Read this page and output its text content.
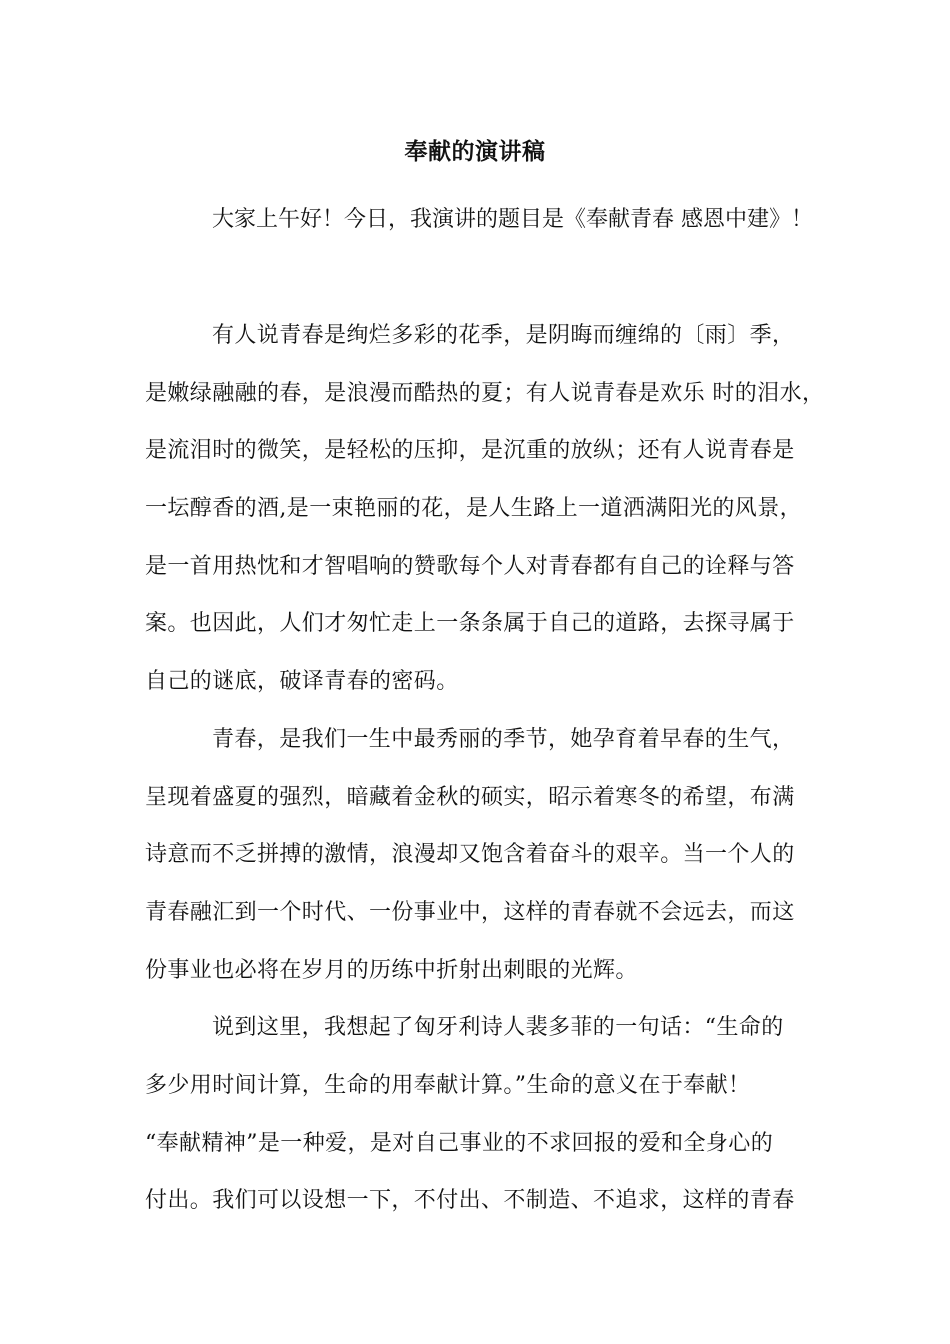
奉献的演讲稿
大家上午好！今日，我演讲的题目是《奉献青春 感恩中建》！
有人说青春是绚烂多彩的花季，是阴晦而缠绵的〔雨〕季，
是嫩绿融融的春，是浪漫而酷热的夏；有人说青春是欢乐 时的泪水，
是流泪时的微笑，是轻松的压抑，是沉重的放纵；还有人说青春是
一坛醇香的酒,是一束艳丽的花，是人生路上一道洒满阳光的风景，
是一首用热忱和才智唱响的赞歌每个人对青春都有自己的诠释与答
案。也因此，人们才匆忙走上一条条属于自己的道路，去探寻属于
自己的谜底，破译青春的密码。
青春，是我们一生中最秀丽的季节，她孕育着早春的生气，
呈现着盛夏的强烈，暗藏着金秋的硕实，昭示着寒冬的希望，布满
诗意而不乏拼搏的激情，浪漫却又饱含着奋斗的艰辛。当一个人的
青春融汇到一个时代、一份事业中，这样的青春就不会远去，而这
份事业也必将在岁月的历练中折射出刺眼的光辉。
说到这里，我想起了匈牙利诗人裴多菲的一句话：“生命的
多少用时间计算，生命的用奉献计算。”生命的意义在于奉献！
“奉献精神”是一种爱，是对自己事业的不求回报的爱和全身心的
付出。我们可以设想一下，不付出、不制造、不追求，这样的青春
